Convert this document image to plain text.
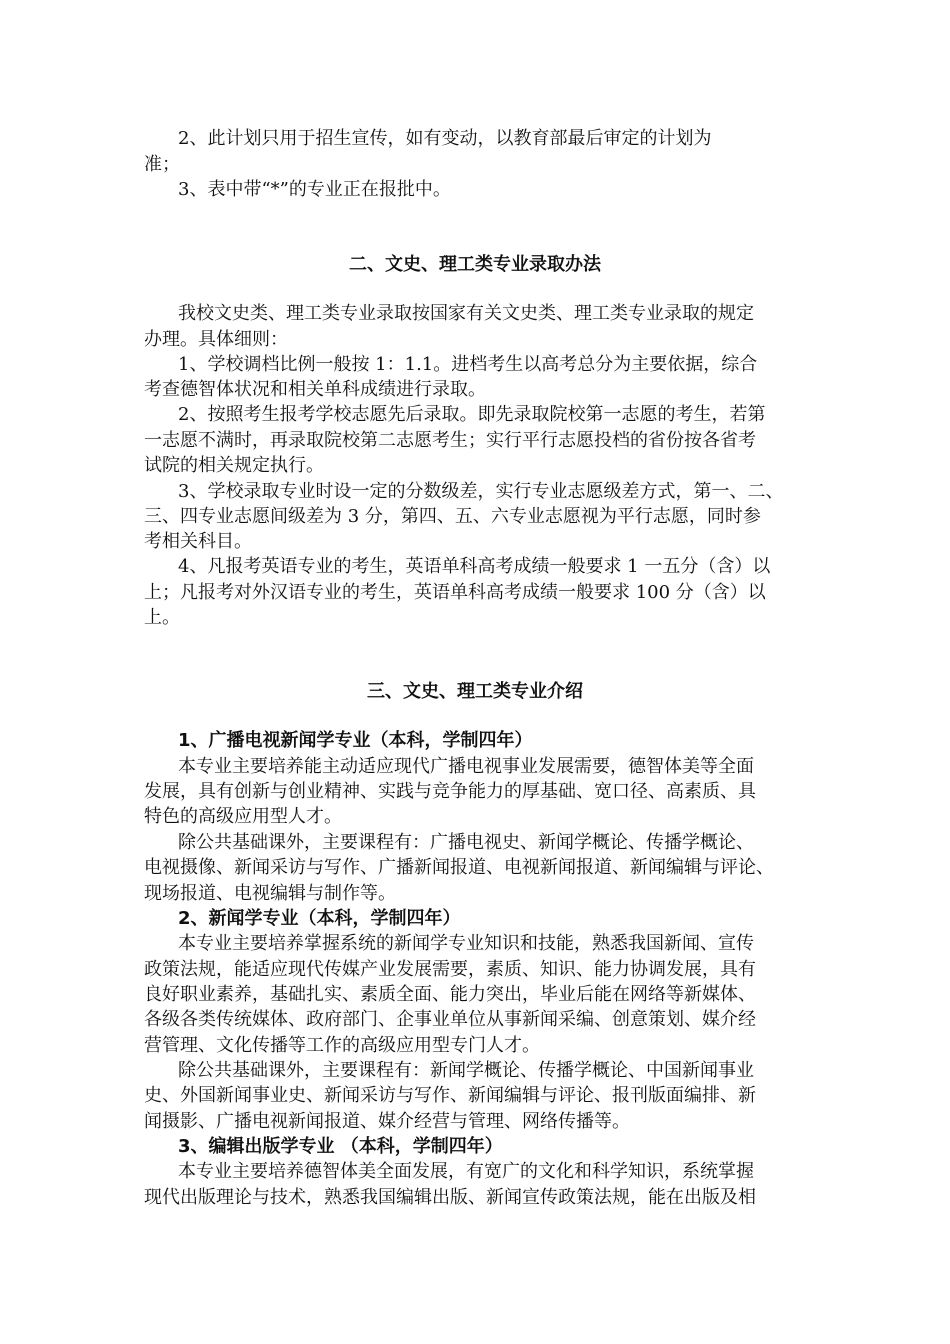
2、此计划只用于招生宣传，如有变动，以教育部最后审定的计划为
准；
3、表中带“*”的专业正在报批中。
二、文史、理工类专业录取办法
我校文史类、理工类专业录取按国家有关文史类、理工类专业录取的规定
办理。具体细则：
1、学校调档比例一般按 1：1.1。进档考生以高考总分为主要依据，综合
考查德智体状况和相关单科成绩进行录取。
2、按照考生报考学校志愿先后录取。即先录取院校第一志愿的考生，若第
一志愿不满时，再录取院校第二志愿考生；实行平行志愿投档的省份按各省考
试院的相关规定执行。
3、学校录取专业时设一定的分数级差，实行专业志愿级差方式，第一、二、
三、四专业志愿间级差为 3 分，第四、五、六专业志愿视为平行志愿，同时参
考相关科目。
4、凡报考英语专业的考生，英语单科高考成绩一般要求 1 一五分（含）以
上；凡报考对外汉语专业的考生，英语单科高考成绩一般要求 100 分（含）以
上。
三、文史、理工类专业介绍
1、广播电视新闻学专业（本科，学制四年）
本专业主要培养能主动适应现代广播电视事业发展需要，德智体美等全面
发展，具有创新与创业精神、实践与竞争能力的厚基础、宽口径、高素质、具
特色的高级应用型人才。
除公共基础课外，主要课程有：广播电视史、新闻学概论、传播学概论、
电视摄像、新闻采访与写作、广播新闻报道、电视新闻报道、新闻编辑与评论、
现场报道、电视编辑与制作等。
2、新闻学专业（本科，学制四年）
本专业主要培养掌握系统的新闻学专业知识和技能，熟悉我国新闻、宣传
政策法规，能适应现代传媒产业发展需要，素质、知识、能力协调发展，具有
良好职业素养，基础扎实、素质全面、能力突出，毕业后能在网络等新媒体、
各级各类传统媒体、政府部门、企事业单位从事新闻采编、创意策划、媒介经
营管理、文化传播等工作的高级应用型专门人才。
除公共基础课外，主要课程有：新闻学概论、传播学概论、中国新闻事业
史、外国新闻事业史、新闻采访与写作、新闻编辑与评论、报刊版面编排、新
闻摄影、广播电视新闻报道、媒介经营与管理、网络传播等。
3、编辑出版学专业 （本科，学制四年）
本专业主要培养德智体美全面发展，有宽广的文化和科学知识，系统掌握
现代出版理论与技术，熟悉我国编辑出版、新闻宣传政策法规，能在出版及相
